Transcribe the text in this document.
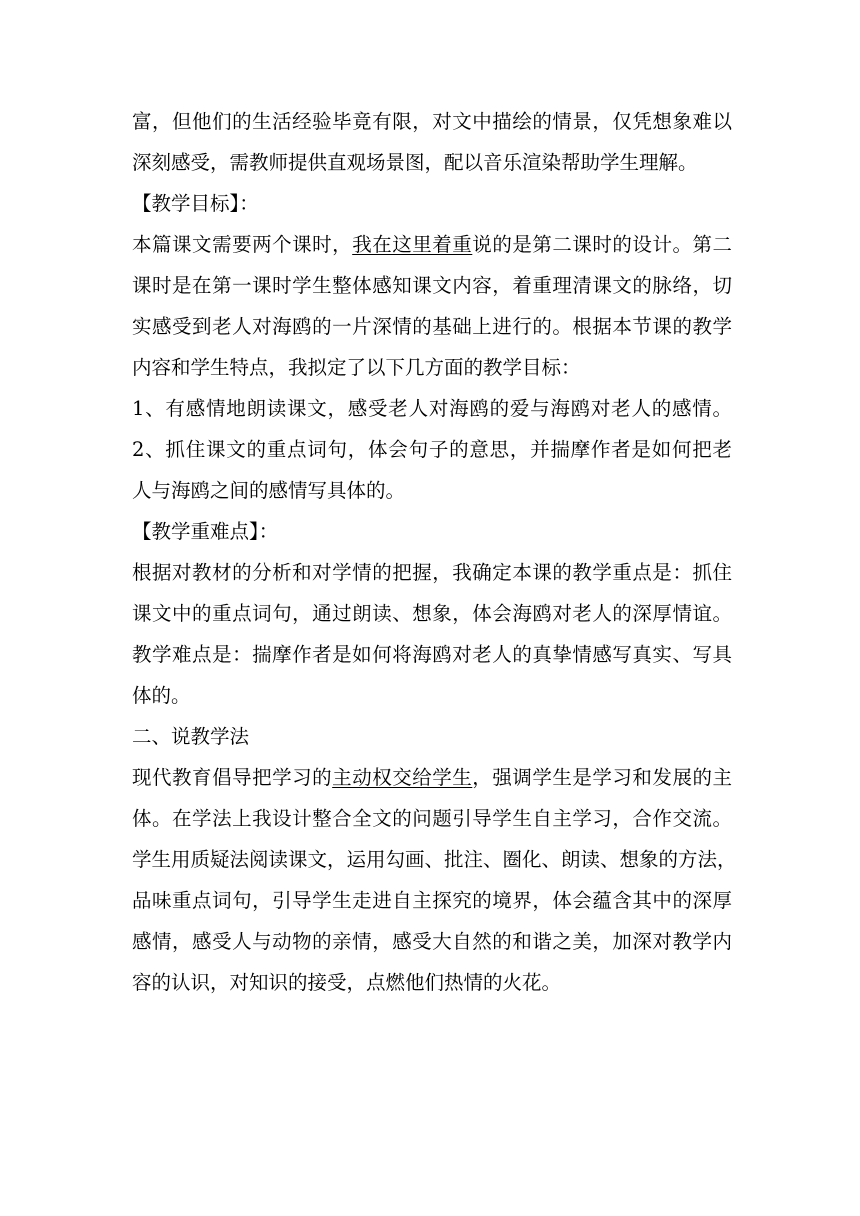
富，但他们的生活经验毕竟有限，对文中描绘的情景，仅凭想象难以
深刻感受，需教师提供直观场景图，配以音乐渲染帮助学生理解。
【教学目标】：
本篇课文需要两个课时，我在这里着重说的是第二课时的设计。第二
课时是在第一课时学生整体感知课文内容，着重理清课文的脉络，切
实感受到老人对海鸥的一片深情的基础上进行的。根据本节课的教学
内容和学生特点，我拟定了以下几方面的教学目标：
1、有感情地朗读课文，感受老人对海鸥的爱与海鸥对老人的感情。
2、抓住课文的重点词句，体会句子的意思，并揣摩作者是如何把老
人与海鸥之间的感情写具体的。
【教学重难点】：
根据对教材的分析和对学情的把握，我确定本课的教学重点是：抓住
课文中的重点词句，通过朗读、想象，体会海鸥对老人的深厚情谊。
教学难点是：揣摩作者是如何将海鸥对老人的真挚情感写真实、写具
体的。
二、说教学法
现代教育倡导把学习的主动权交给学生，强调学生是学习和发展的主
体。在学法上我设计整合全文的问题引导学生自主学习，合作交流。
学生用质疑法阅读课文，运用勾画、批注、圈化、朗读、想象的方法，
品味重点词句，引导学生走进自主探究的境界，体会蕴含其中的深厚
感情，感受人与动物的亲情，感受大自然的和谐之美，加深对教学内
容的认识，对知识的接受，点燃他们热情的火花。
